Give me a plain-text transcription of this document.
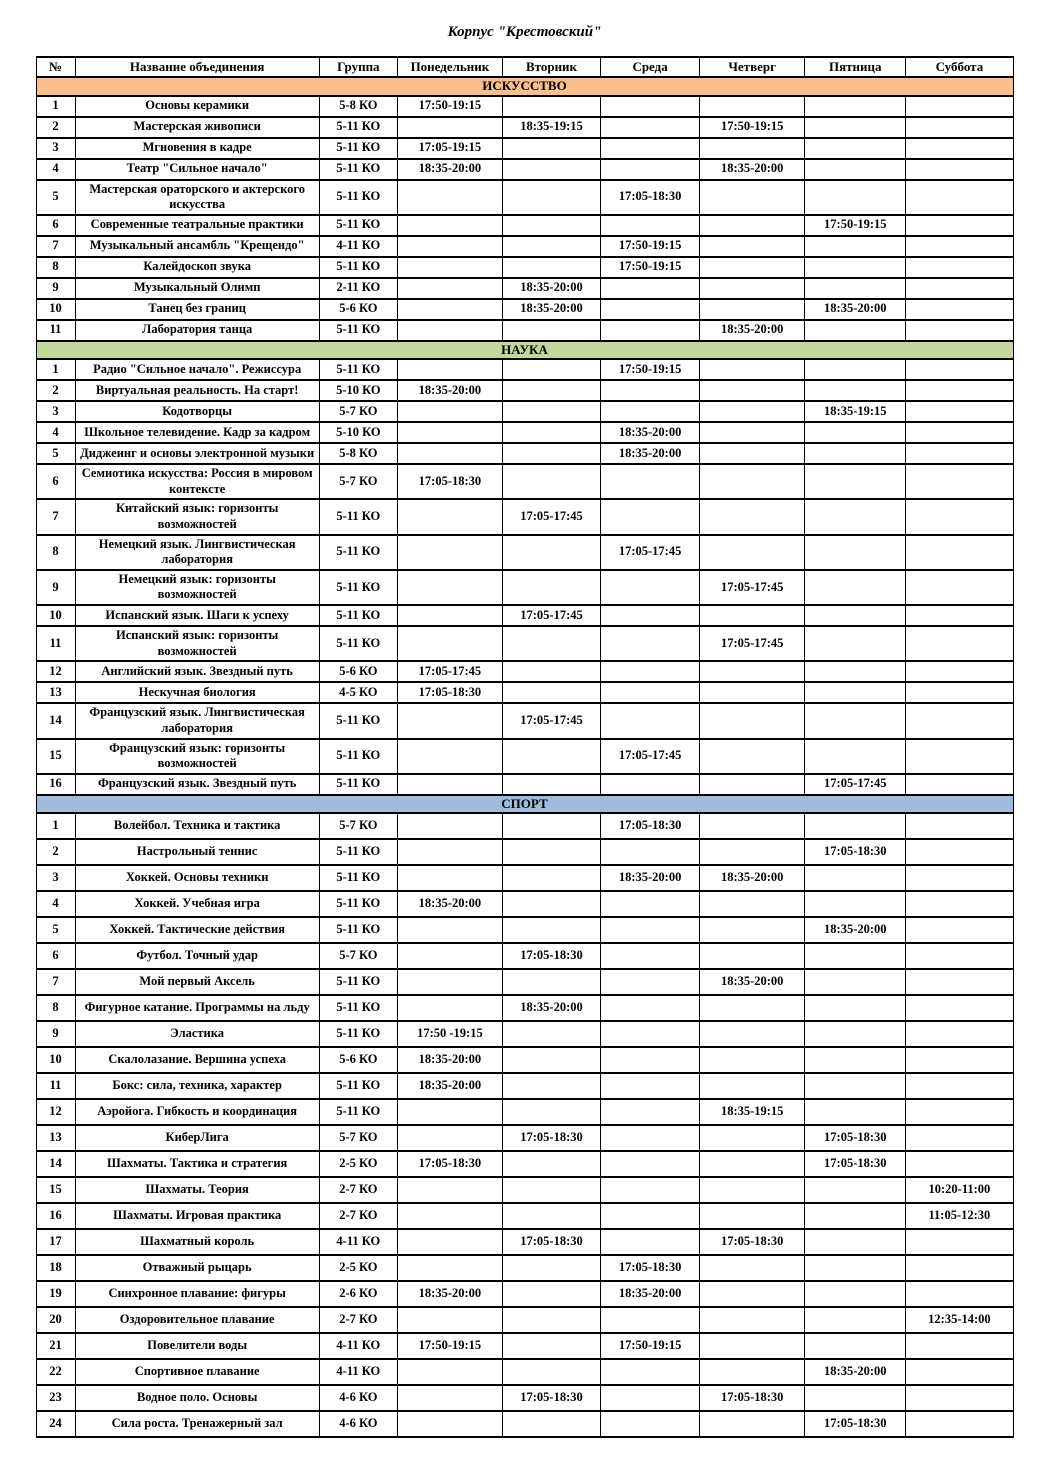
Корпус "Крестовский"
№	Название объединения	Группа	Понедельник	Вторник	Среда	Четверг	Пятница	Суббота
ИСКУССТВО								
1	Основы керамики	5-8 КО	17:50-19:15					
2	Мастерская живописи	5-11 КО		18:35-19:15		17:50-19:15		
3	Мгновения в кадре	5-11 КО	17:05-19:15					
4	Театр "Сильное начало"	5-11 КО	18:35-20:00			18:35-20:00		
5	Мастерская ораторского и актерского искусства	5-11 КО			17:05-18:30			
6	Современные театральные практики	5-11 КО					17:50-19:15	
7	Музыкальный ансамбль "Крещендо"	4-11 КО			17:50-19:15			
8	Калейдоскоп звука	5-11 КО			17:50-19:15			
9	Музыкальный Олимп	2-11 КО		18:35-20:00				
10	Танец без границ	5-6 КО		18:35-20:00			18:35-20:00	
11	Лаборатория танца	5-11 КО				18:35-20:00		
НАУКА								
1	Радио "Сильное начало". Режиссура	5-11 КО			17:50-19:15			
2	Виртуальная реальность. На старт!	5-10 КО	18:35-20:00					
3	Кодотворцы	5-7 КО					18:35-19:15	
4	Школьное телевидение. Кадр за кадром	5-10 КО			18:35-20:00			
5	Диджеинг и основы электронной музыки	5-8 КО			18:35-20:00			
6	Семиотика искусства: Россия в мировом контексте	5-7 КО	17:05-18:30					
7	Китайский язык: горизонты возможностей	5-11 КО		17:05-17:45				
8	Немецкий язык. Лингвистическая лаборатория	5-11 КО			17:05-17:45			
9	Немецкий язык: горизонты возможностей	5-11 КО				17:05-17:45		
10	Испанский язык. Шаги к успеху	5-11 КО		17:05-17:45				
11	Испанский язык: горизонты возможностей	5-11 КО				17:05-17:45		
12	Английский язык. Звездный путь	5-6 КО	17:05-17:45					
13	Нескучная биология	4-5 КО	17:05-18:30					
14	Французский язык. Лингвистическая лаборатория	5-11 КО		17:05-17:45				
15	Французский язык: горизонты возможностей	5-11 КО			17:05-17:45			
16	Французский язык. Звездный путь	5-11 КО					17:05-17:45	
СПОРТ								
1	Волейбол. Техника и тактика	5-7 КО			17:05-18:30			
2	Настрольный теннис	5-11 КО					17:05-18:30	
3	Хоккей. Основы техники	5-11 КО			18:35-20:00	18:35-20:00		
4	Хоккей. Учебная игра	5-11 КО	18:35-20:00					
5	Хоккей. Тактические действия	5-11 КО					18:35-20:00	
6	Футбол. Точный удар	5-7 КО		17:05-18:30				
7	Мой первый Аксель	5-11 КО				18:35-20:00		
8	Фигурное катание. Программы на льду	5-11 КО		18:35-20:00				
9	Эластика	5-11 КО	17:50 -19:15					
10	Скалолазание. Вершина успеха	5-6 КО	18:35-20:00					
11	Бокс: сила, техника, характер	5-11 КО	18:35-20:00					
12	Аэройога. Гибкость и координация	5-11 КО				18:35-19:15		
13	КиберЛига	5-7 КО		17:05-18:30			17:05-18:30	
14	Шахматы. Тактика и стратегия	2-5 КО	17:05-18:30				17:05-18:30	
15	Шахматы. Теория	2-7 КО						10:20-11:00
16	Шахматы. Игровая практика	2-7 КО						11:05-12:30
17	Шахматный король	4-11 КО		17:05-18:30		17:05-18:30		
18	Отважный рыцарь	2-5 КО			17:05-18:30			
19	Синхронное плавание: фигуры	2-6 КО	18:35-20:00		18:35-20:00			
20	Оздоровительное плавание	2-7 КО						12:35-14:00
21	Повелители воды	4-11 КО	17:50-19:15		17:50-19:15			
22	Спортивное плавание	4-11 КО					18:35-20:00	
23	Водное поло. Основы	4-6 КО		17:05-18:30		17:05-18:30		
24	Сила роста. Тренажерный зал	4-6 КО					17:05-18:30	
